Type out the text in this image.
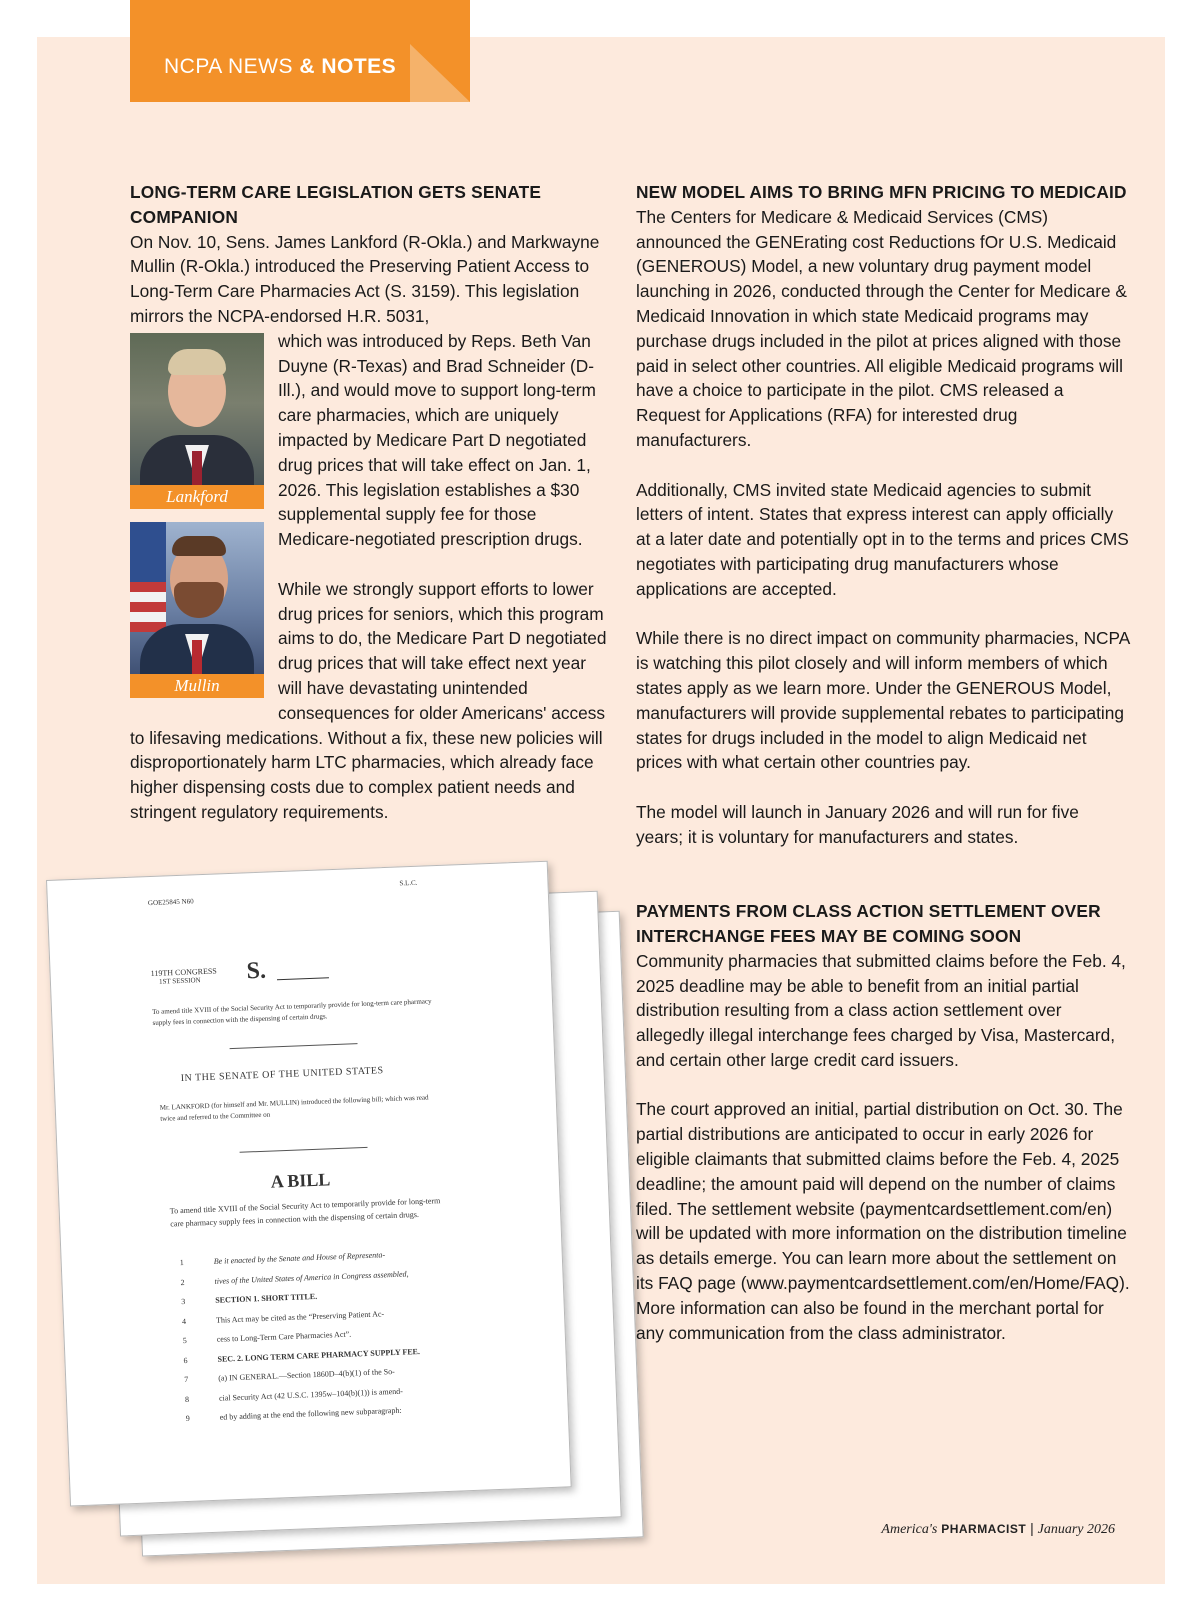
NCPA NEWS & NOTES
LONG-TERM CARE LEGISLATION GETS SENATE COMPANION

On Nov. 10, Sens. James Lankford (R-Okla.) and Markwayne Mullin (R-Okla.) introduced the Preserving Patient Access to Long-Term Care Pharmacies Act (S. 3159). This legislation mirrors the NCPA-endorsed H.R. 5031,

Lankford
Mullin

which was introduced by Reps. Beth Van Duyne (R-Texas) and Brad Schneider (D-Ill.), and would move to support long-term care pharmacies, which are uniquely impacted by Medicare Part D negotiated drug prices that will take effect on Jan. 1, 2026. This legislation establishes a $30 supplemental supply fee for those Medicare-negotiated prescription drugs.

While we strongly support efforts to lower drug prices for seniors, which this program aims to do, the Medicare Part D negotiated drug prices that will take effect next year will have devastating unintended consequences for older Americans' access to lifesaving medications. Without a fix, these new policies will disproportionately harm LTC pharmacies, which already face higher dispensing costs due to complex patient needs and stringent regulatory requirements.

NEW MODEL AIMS TO BRING MFN PRICING TO MEDICAID

The Centers for Medicare & Medicaid Services (CMS) announced the GENErating cost Reductions fOr U.S. Medicaid (GENEROUS) Model, a new voluntary drug payment model launching in 2026, conducted through the Center for Medicare & Medicaid Innovation in which state Medicaid programs may purchase drugs included in the pilot at prices aligned with those paid in select other countries. All eligible Medicaid programs will have a choice to participate in the pilot. CMS released a Request for Applications (RFA) for interested drug manufacturers.

Additionally, CMS invited state Medicaid agencies to submit letters of intent. States that express interest can apply officially at a later date and potentially opt in to the terms and prices CMS negotiates with participating drug manufacturers whose applications are accepted.

While there is no direct impact on community pharmacies, NCPA is watching this pilot closely and will inform members of which states apply as we learn more. Under the GENEROUS Model, manufacturers will provide supplemental rebates to participating states for drugs included in the model to align Medicaid net prices with what certain other countries pay.

The model will launch in January 2026 and will run for five years; it is voluntary for manufacturers and states.

PAYMENTS FROM CLASS ACTION SETTLEMENT OVER INTERCHANGE FEES MAY BE COMING SOON

Community pharmacies that submitted claims before the Feb. 4, 2025 deadline may be able to benefit from an initial partial distribution resulting from a class action settlement over allegedly illegal interchange fees charged by Visa, Mastercard, and certain other large credit card issuers.

The court approved an initial, partial distribution on Oct. 30. The partial distributions are anticipated to occur in early 2026 for eligible claimants that submitted claims before the Feb. 4, 2025 deadline; the amount paid will depend on the number of claims filed. The settlement website (paymentcardsettlement.com/en) will be updated with more information on the distribution timeline as details emerge. You can learn more about the settlement on its FAQ page (www.paymentcardsettlement.com/en/Home/FAQ). More information can also be found in the merchant portal for any communication from the class administrator.

GOE25845 N60
S.L.C.
119TH CONGRESS
1ST SESSION S.
To amend title XVIII of the Social Security Act to temporarily provide for long-term care pharmacy supply fees in connection with the dispensing of certain drugs.
IN THE SENATE OF THE UNITED STATES
Mr. LANKFORD (for himself and Mr. MULLIN) introduced the following bill; which was read twice and referred to the Committee on
A BILL
To amend title XVIII of the Social Security Act to temporarily provide for long-term care pharmacy supply fees in connection with the dispensing of certain drugs.
1	Be it enacted by the Senate and House of Representa-
2	tives of the United States of America in Congress assembled,
3	SECTION 1. SHORT TITLE.
4	This Act may be cited as the “Preserving Patient Ac-
5	cess to Long-Term Care Pharmacies Act”.
6	SEC. 2. LONG TERM CARE PHARMACY SUPPLY FEE.
7	(a) IN GENERAL.—Section 1860D–4(b)(1) of the So-
8	cial Security Act (42 U.S.C. 1395w–104(b)(1)) is amend-
9	ed by adding at the end the following new subparagraph:
America's PHARMACIST | January 2026
